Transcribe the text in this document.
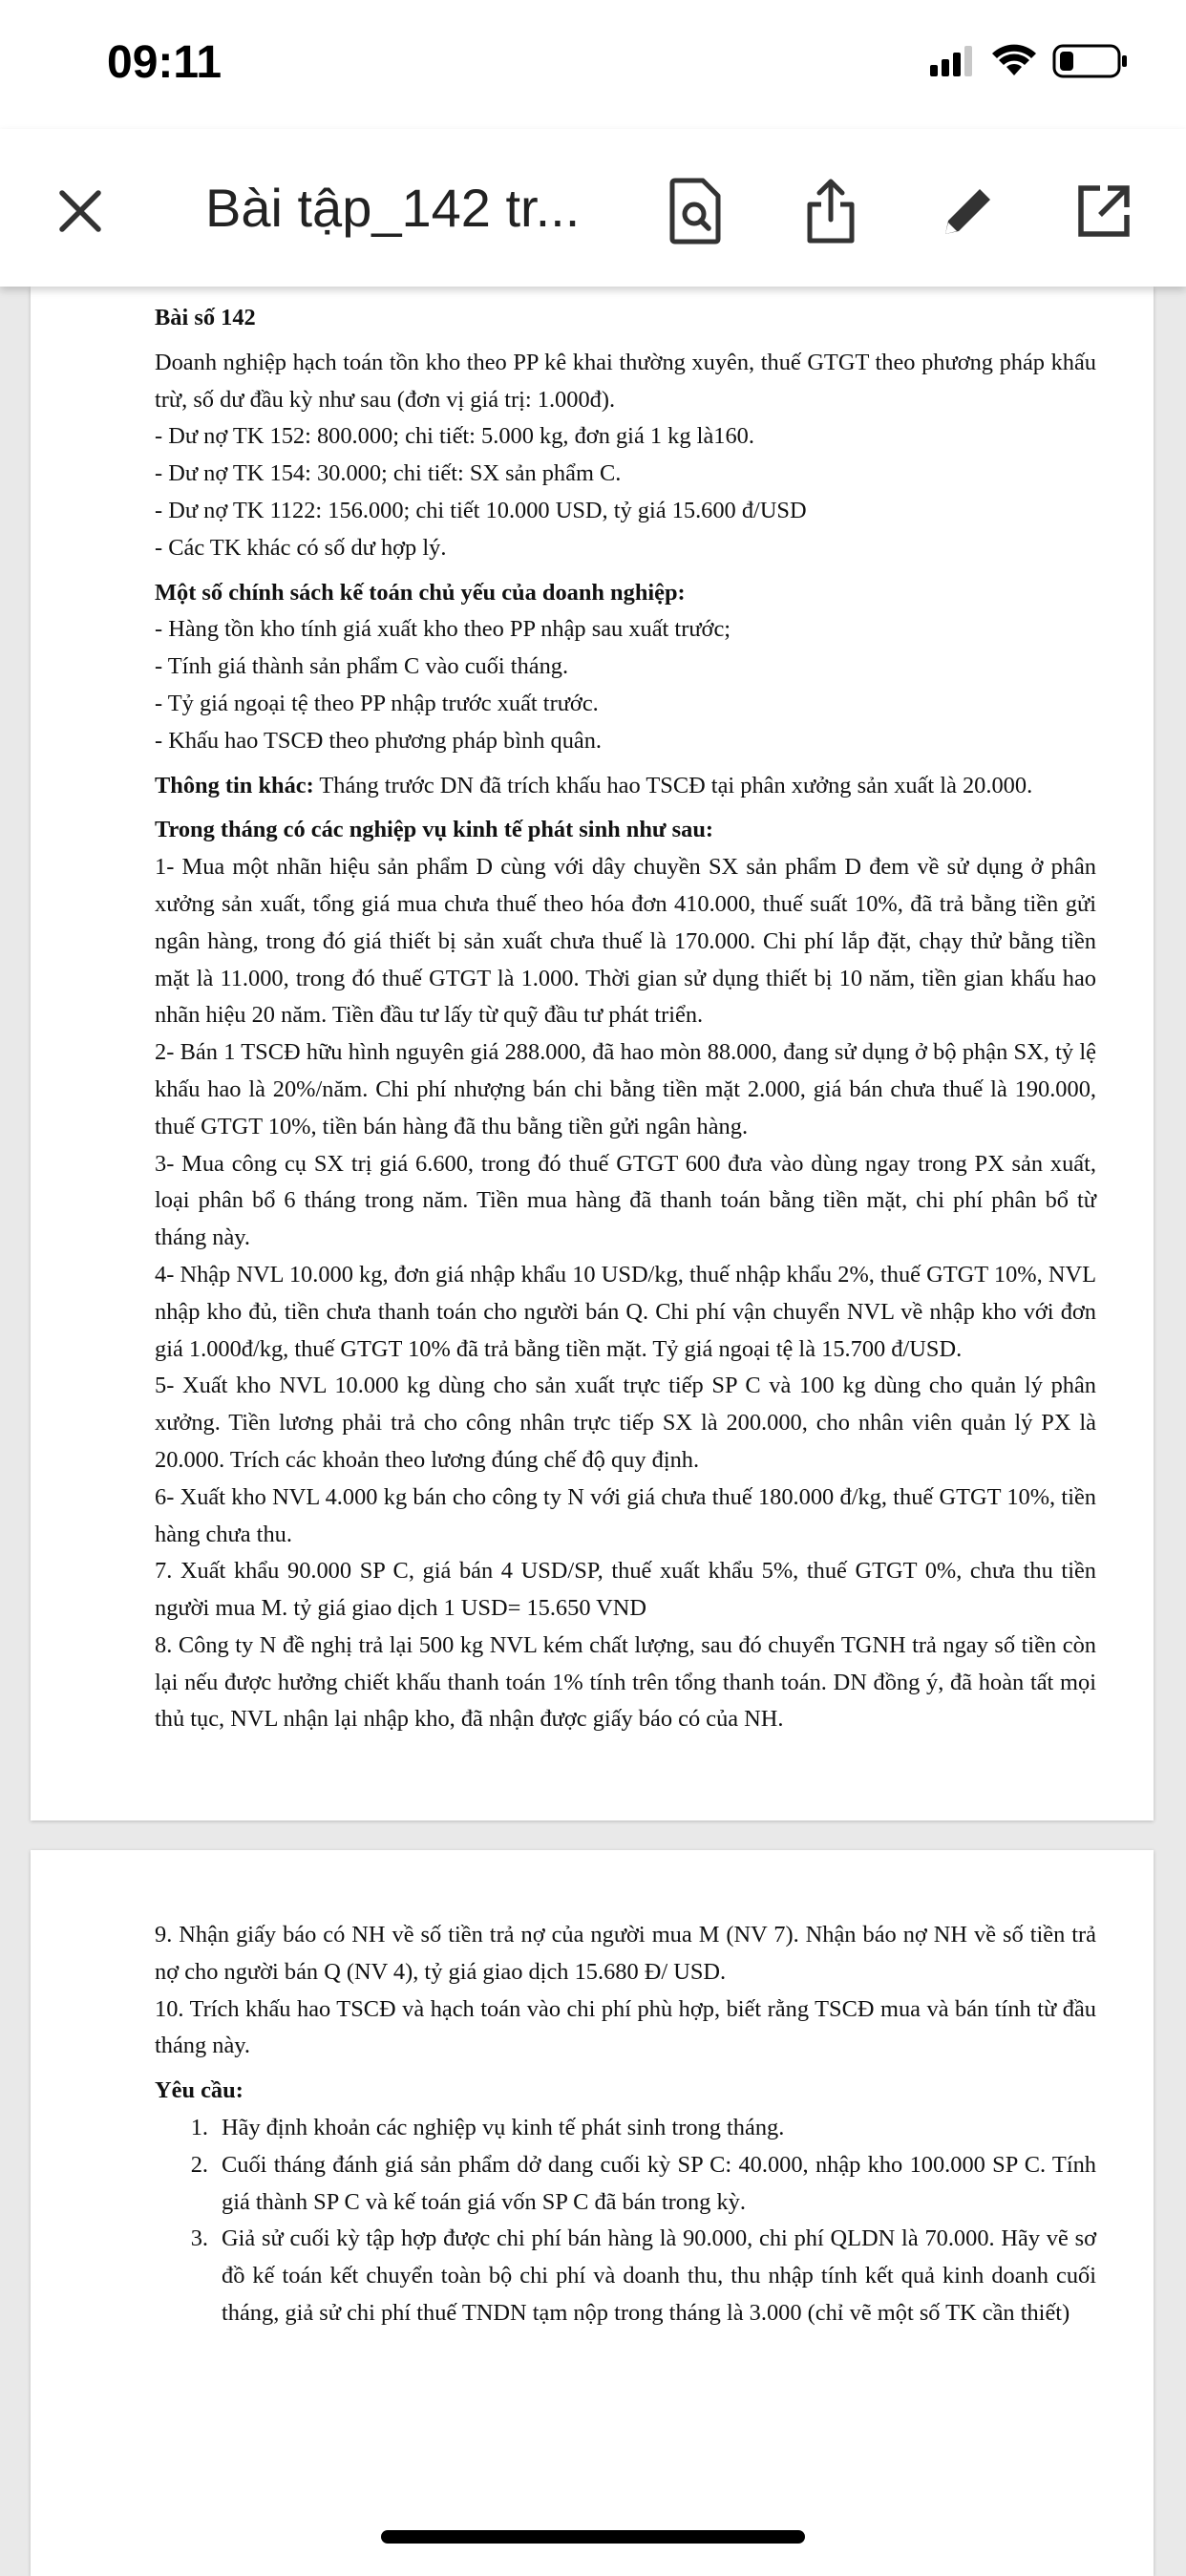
09:11
Bài tập_142 tr...

Bài số 142

Doanh nghiệp hạch toán tồn kho theo PP kê khai thường xuyên, thuế GTGT theo phương pháp khấu trừ, số dư đầu kỳ như sau (đơn vị giá trị: 1.000đ).

- Dư nợ TK 152: 800.000; chi tiết: 5.000 kg, đơn giá 1 kg là160.

- Dư nợ TK 154: 30.000; chi tiết: SX sản phẩm C.

- Dư nợ TK 1122: 156.000; chi tiết 10.000 USD, tỷ giá 15.600 đ/USD

- Các TK khác có số dư hợp lý.

Một số chính sách kế toán chủ yếu của doanh nghiệp:

- Hàng tồn kho tính giá xuất kho theo PP nhập sau xuất trước;

- Tính giá thành sản phẩm C vào cuối tháng.

- Tỷ giá ngoại tệ theo PP nhập trước xuất trước.

- Khấu hao TSCĐ theo phương pháp bình quân.

Thông tin khác: Tháng trước DN đã trích khấu hao TSCĐ tại phân xưởng sản xuất là 20.000.

Trong tháng có các nghiệp vụ kinh tế phát sinh như sau:

1- Mua một nhãn hiệu sản phẩm D cùng với dây chuyền SX sản phẩm D đem về sử dụng ở phân xưởng sản xuất, tổng giá mua chưa thuế theo hóa đơn 410.000, thuế suất 10%, đã trả bằng tiền gửi ngân hàng, trong đó giá thiết bị sản xuất chưa thuế là 170.000. Chi phí lắp đặt, chạy thử bằng tiền mặt là 11.000, trong đó thuế GTGT là 1.000. Thời gian sử dụng thiết bị 10 năm, tiền gian khấu hao nhãn hiệu 20 năm. Tiền đầu tư lấy từ quỹ đầu tư phát triển.

2- Bán 1 TSCĐ hữu hình nguyên giá 288.000, đã hao mòn 88.000, đang sử dụng ở bộ phận SX, tỷ lệ khấu hao là 20%/năm. Chi phí nhượng bán chi bằng tiền mặt 2.000, giá bán chưa thuế là 190.000, thuế GTGT 10%, tiền bán hàng đã thu bằng tiền gửi ngân hàng.

3- Mua công cụ SX trị giá 6.600, trong đó thuế GTGT 600 đưa vào dùng ngay trong PX sản xuất, loại phân bổ 6 tháng trong năm. Tiền mua hàng đã thanh toán bằng tiền mặt, chi phí phân bổ từ tháng này.

4- Nhập NVL 10.000 kg, đơn giá nhập khẩu 10 USD/kg, thuế nhập khẩu 2%, thuế GTGT 10%, NVL nhập kho đủ, tiền chưa thanh toán cho người bán Q. Chi phí vận chuyển NVL về nhập kho với đơn giá 1.000đ/kg, thuế GTGT 10% đã trả bằng tiền mặt. Tỷ giá ngoại tệ là 15.700 đ/USD.

5- Xuất kho NVL 10.000 kg dùng cho sản xuất trực tiếp SP C và 100 kg dùng cho quản lý phân xưởng. Tiền lương phải trả cho công nhân trực tiếp SX là 200.000, cho nhân viên quản lý PX là 20.000. Trích các khoản theo lương đúng chế độ quy định.

6- Xuất kho NVL 4.000 kg bán cho công ty N với giá chưa thuế 180.000 đ/kg, thuế GTGT 10%, tiền hàng chưa thu.

7. Xuất khẩu 90.000 SP C, giá bán 4 USD/SP, thuế xuất khẩu 5%, thuế GTGT 0%, chưa thu tiền người mua M. tỷ giá giao dịch 1 USD= 15.650 VND

8. Công ty N đề nghị trả lại 500 kg NVL kém chất lượng, sau đó chuyển TGNH trả ngay số tiền còn lại nếu được hưởng chiết khấu thanh toán 1% tính trên tổng thanh toán. DN đồng ý, đã hoàn tất mọi thủ tục, NVL nhận lại nhập kho, đã nhận được giấy báo có của NH.

9. Nhận giấy báo có NH về số tiền trả nợ của người mua M (NV 7). Nhận báo nợ NH về số tiền trả nợ cho người bán Q (NV 4), tỷ giá giao dịch 15.680 Đ/ USD.

10. Trích khấu hao TSCĐ và hạch toán vào chi phí phù hợp, biết rằng TSCĐ mua và bán tính từ đầu tháng này.

Yêu cầu:

1. Hãy định khoản các nghiệp vụ kinh tế phát sinh trong tháng.
2. Cuối tháng đánh giá sản phẩm dở dang cuối kỳ SP C: 40.000, nhập kho 100.000 SP C. Tính giá thành SP C và kế toán giá vốn SP C đã bán trong kỳ.
3. Giả sử cuối kỳ tập hợp được chi phí bán hàng là 90.000, chi phí QLDN là 70.000. Hãy vẽ sơ đồ kế toán kết chuyển toàn bộ chi phí và doanh thu, thu nhập tính kết quả kinh doanh cuối tháng, giả sử chi phí thuế TNDN tạm nộp trong tháng là 3.000 (chỉ vẽ một số TK cần thiết)
